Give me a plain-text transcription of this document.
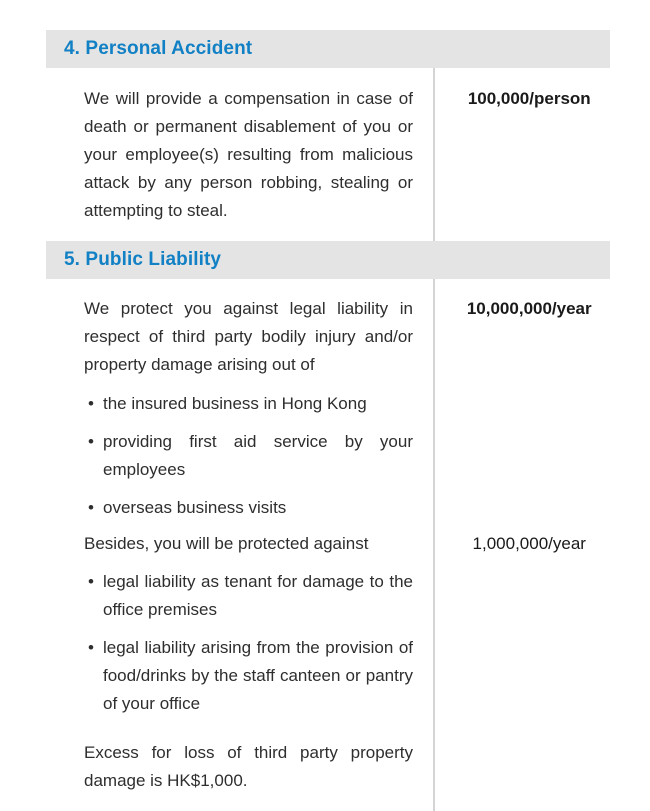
4. Personal Accident

We will provide a compensation in case of death or permanent disablement of you or your employee(s) resulting from malicious attack by any person robbing, stealing or attempting to steal.

100,000/person
5. Public Liability

We protect you against legal liability in respect of third party bodily injury and/or property damage arising out of

• the insured business in Hong Kong
• providing first aid service by your employees
• overseas business visits

Besides, you will be protected against

• legal liability as tenant for damage to the office premises
• legal liability arising from the provision of food/drinks by the staff canteen or pantry of your office

Excess for loss of third party property damage is HK$1,000.

10,000,000/year
1,000,000/year
